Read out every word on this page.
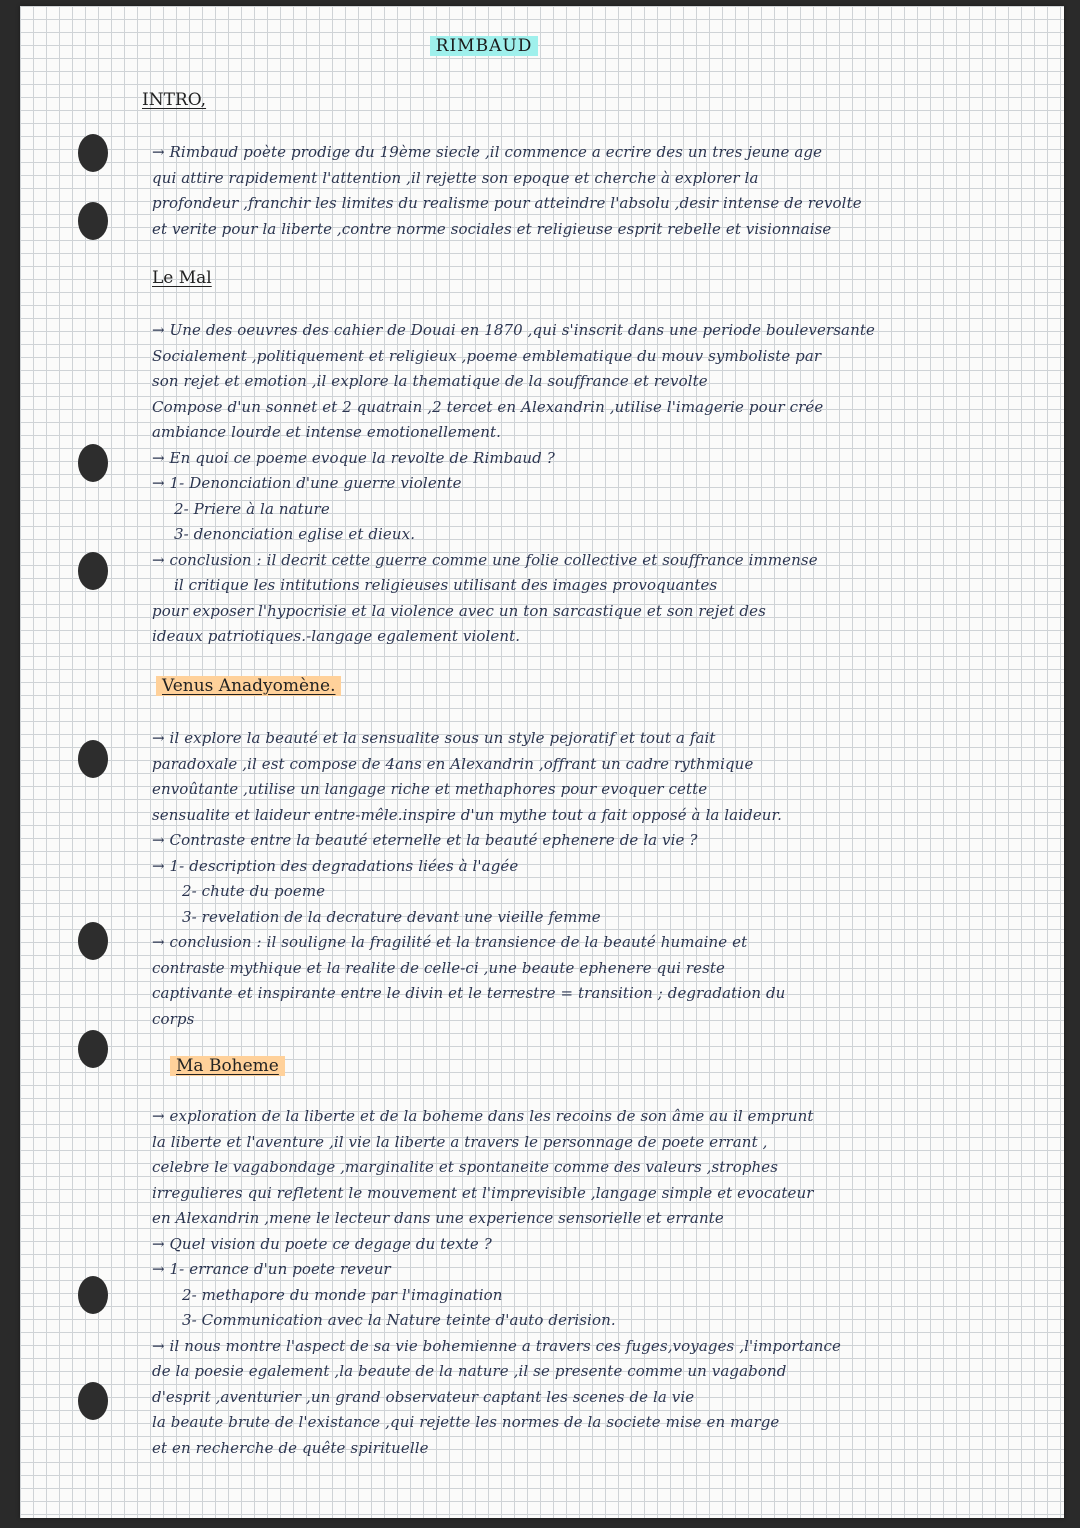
RIMBAUD
INTRO,

→ Rimbaud poète prodige du 19ème siecle ,il commence a ecrire des un tres jeune age

qui attire rapidement l'attention ,il rejette son epoque et cherche à explorer la

profondeur ,franchir les limites du realisme pour atteindre l'absolu ,desir intense de revolte

et verite pour la liberte ,contre norme sociales et religieuse esprit rebelle et visionnaise

Le Mal

→ Une des oeuvres des cahier de Douai en 1870 ,qui s'inscrit dans une periode bouleversante

Socialement ,politiquement et religieux ,poeme emblematique du mouv symboliste par

son rejet et emotion ,il explore la thematique de la souffrance et revolte

Compose d'un sonnet et 2 quatrain ,2 tercet en Alexandrin ,utilise l'imagerie pour crée

ambiance lourde et intense emotionellement.

→ En quoi ce poeme evoque la revolte de Rimbaud ?

→ 1- Denonciation d'une guerre violente

2- Priere à la nature

3- denonciation eglise et dieux.

→ conclusion : il decrit cette guerre comme une folie collective et souffrance immense

il critique les intitutions religieuses utilisant des images provoquantes

pour exposer l'hypocrisie et la violence avec un ton sarcastique et son rejet des

ideaux patriotiques.-langage egalement violent.

Venus Anadyomène.

→ il explore la beauté et la sensualite sous un style pejoratif et tout a fait

paradoxale ,il est compose de 4ans en Alexandrin ,offrant un cadre rythmique

envoûtante ,utilise un langage riche et methaphores pour evoquer cette

sensualite et laideur entre-mêle.inspire d'un mythe tout a fait opposé à la laideur.

→ Contraste entre la beauté eternelle et la beauté ephenere de la vie ?

→ 1- description des degradations liées à l'agée

2- chute du poeme

3- revelation de la decrature devant une vieille femme

→ conclusion : il souligne la fragilité et la transience de la beauté humaine et

contraste mythique et la realite de celle-ci ,une beaute ephenere qui reste

captivante et inspirante entre le divin et le terrestre = transition ; degradation du

corps

Ma Boheme

→ exploration de la liberte et de la boheme dans les recoins de son âme au il emprunt

la liberte et l'aventure ,il vie la liberte a travers le personnage de poete errant ,

celebre le vagabondage ,marginalite et spontaneite comme des valeurs ,strophes

irregulieres qui refletent le mouvement et l'imprevisible ,langage simple et evocateur

en Alexandrin ,mene le lecteur dans une experience sensorielle et errante

→ Quel vision du poete ce degage du texte ?

→ 1- errance d'un poete reveur

2- methapore du monde par l'imagination

3- Communication avec la Nature teinte d'auto derision.

→ il nous montre l'aspect de sa vie bohemienne a travers ces fuges,voyages ,l'importance

de la poesie egalement ,la beaute de la nature ,il se presente comme un vagabond

d'esprit ,aventurier ,un grand observateur captant les scenes de la vie

la beaute brute de l'existance ,qui rejette les normes de la societe mise en marge

et en recherche de quête spirituelle
